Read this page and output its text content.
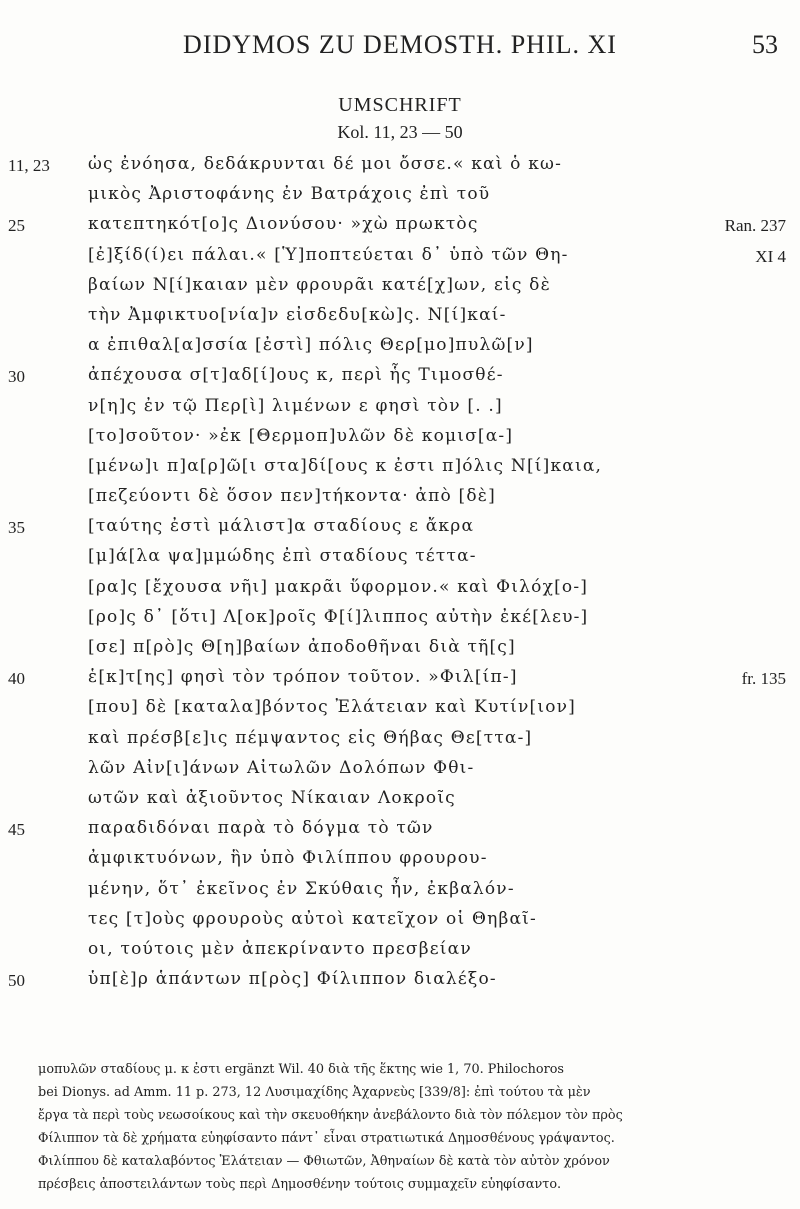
DIDYMOS ZU DEMOSTH. PHIL. XI	53
UMSCHRIFT
Kol. 11, 23 — 50
11, 23	ὡς ἐνόησα, δεδάκρυνται δέ μοι ὄσσε.« καὶ ὁ κω-
μικὸς Ἀριστοφάνης ἐν Βατράχοις ἐπὶ τοῦ
25	κατεπτηκότ[ο]ς Διονύσου· »χὼ πρωκτὸς	Ran. 237
[ἐ]ξίδ(ί)ει πάλαι.« [Ὑ]ποπτεύεται δ᾽ ὑπὸ τῶν Θη-	XI 4
βαίων Ν[ί]καιαν μὲν φρουρᾶι κατέ[χ]ων, εἰς δὲ
τὴν Ἀμφικτυο[νία]ν εἰσδεδυ[κὼ]ς. Ν[ί]καί-
α ἐπιθαλ[α]σσία [ἐστὶ] πόλις Θερ[μο]πυλῶ[ν]
30	ἀπέχουσα σ[τ]αδ[ί]ους κ, περὶ ἧς Τιμοσθέ-
ν[η]ς ἐν τῷ Περ[ὶ] λιμένων ε φησὶ τὸν [. .]
[το]σοῦτον· »ἐκ [Θερμοπ]υλῶν δὲ κομισ[α-]
[μένω]ι π]α[ρ]ῶ[ι στα]δί[ους κ ἐστι π]όλις Ν[ί]καια,
[πεζεύοντι δὲ ὅσον πεν]τήκοντα· ἀπὸ [δὲ]
35	[ταύτης ἐστὶ μάλιστ]α σταδίους ε ἄκρα
[μ]ά[λα ψα]μμώδης ἐπὶ σταδίους τέττα-
[ρα]ς [ἔχουσα νῆι] μακρᾶι ὕφορμον.« καὶ Φιλόχ[ο-]
[ρο]ς δ᾽ [ὅτι] Λ[οκ]ροῖς Φ[ί]λιππος αὐτὴν ἐκέ[λευ-]
[σε] π[ρὸ]ς Θ[η]βαίων ἀποδοθῆναι διὰ τῆ[ς]
40	ἑ[κ]τ[ης] φησὶ τὸν τρόπον τοῦτον. »Φιλ[ίπ-]	fr. 135
[που] δὲ [καταλα]βόντος Ἐλάτειαν καὶ Κυτίν[ιον]
καὶ πρέσβ[ε]ις πέμψαντος εἰς Θήβας Θε[ττα-]
λῶν Αἰν[ι]άνων Αἰτωλῶν Δολόπων Φθι-
ωτῶν καὶ ἀξιοῦντος Νίκαιαν Λοκροῖς
45	παραδιδόναι παρὰ τὸ δόγμα τὸ τῶν
ἀμφικτυόνων, ἣν ὑπὸ Φιλίππου φρουρου-
μένην, ὅτ᾽ ἐκεῖνος ἐν Σκύθαις ἦν, ἐκβαλόν-
τες [τ]οὺς φρουροὺς αὐτοὶ κατεῖχον οἱ Θηβαῖ-
οι, τούτοις μὲν ἀπεκρίναντο πρεσβείαν
50	ὑπ[ὲ]ρ ἁπάντων π[ρὸς] Φίλιππον διαλέξο-
μοπυλῶν σταδίους μ. κ ἐστι ergänzt Wil. 40 διὰ τῆς ἕκτης wie 1, 70. Philochoros
bei Dionys. ad Amm. 11 p. 273, 12 Λυσιμαχίδης Ἀχαρνεὺς [339/8]: ἐπὶ τούτου τὰ μὲν
ἔργα τὰ περὶ τοὺς νεωσοίκους καὶ τὴν σκευοθήκην ἀνεβάλοντο διὰ τὸν πόλεμον τὸν πρὸς
Φίλιππον τὰ δὲ χρήματα εὑηφίσαντο πάντ᾽ εἶναι στρατιωτικά Δημοσθένους γράψαντος.
Φιλίππου δὲ καταλαβόντος Ἐλάτειαν — Φθιωτῶν, Ἀθηναίων δὲ κατὰ τὸν αὐτὸν χρόνον
πρέσβεις ἀποστειλάντων τοὺς περὶ Δημοσθένην τούτοις συμμαχεῖν εὑηφίσαντο.
